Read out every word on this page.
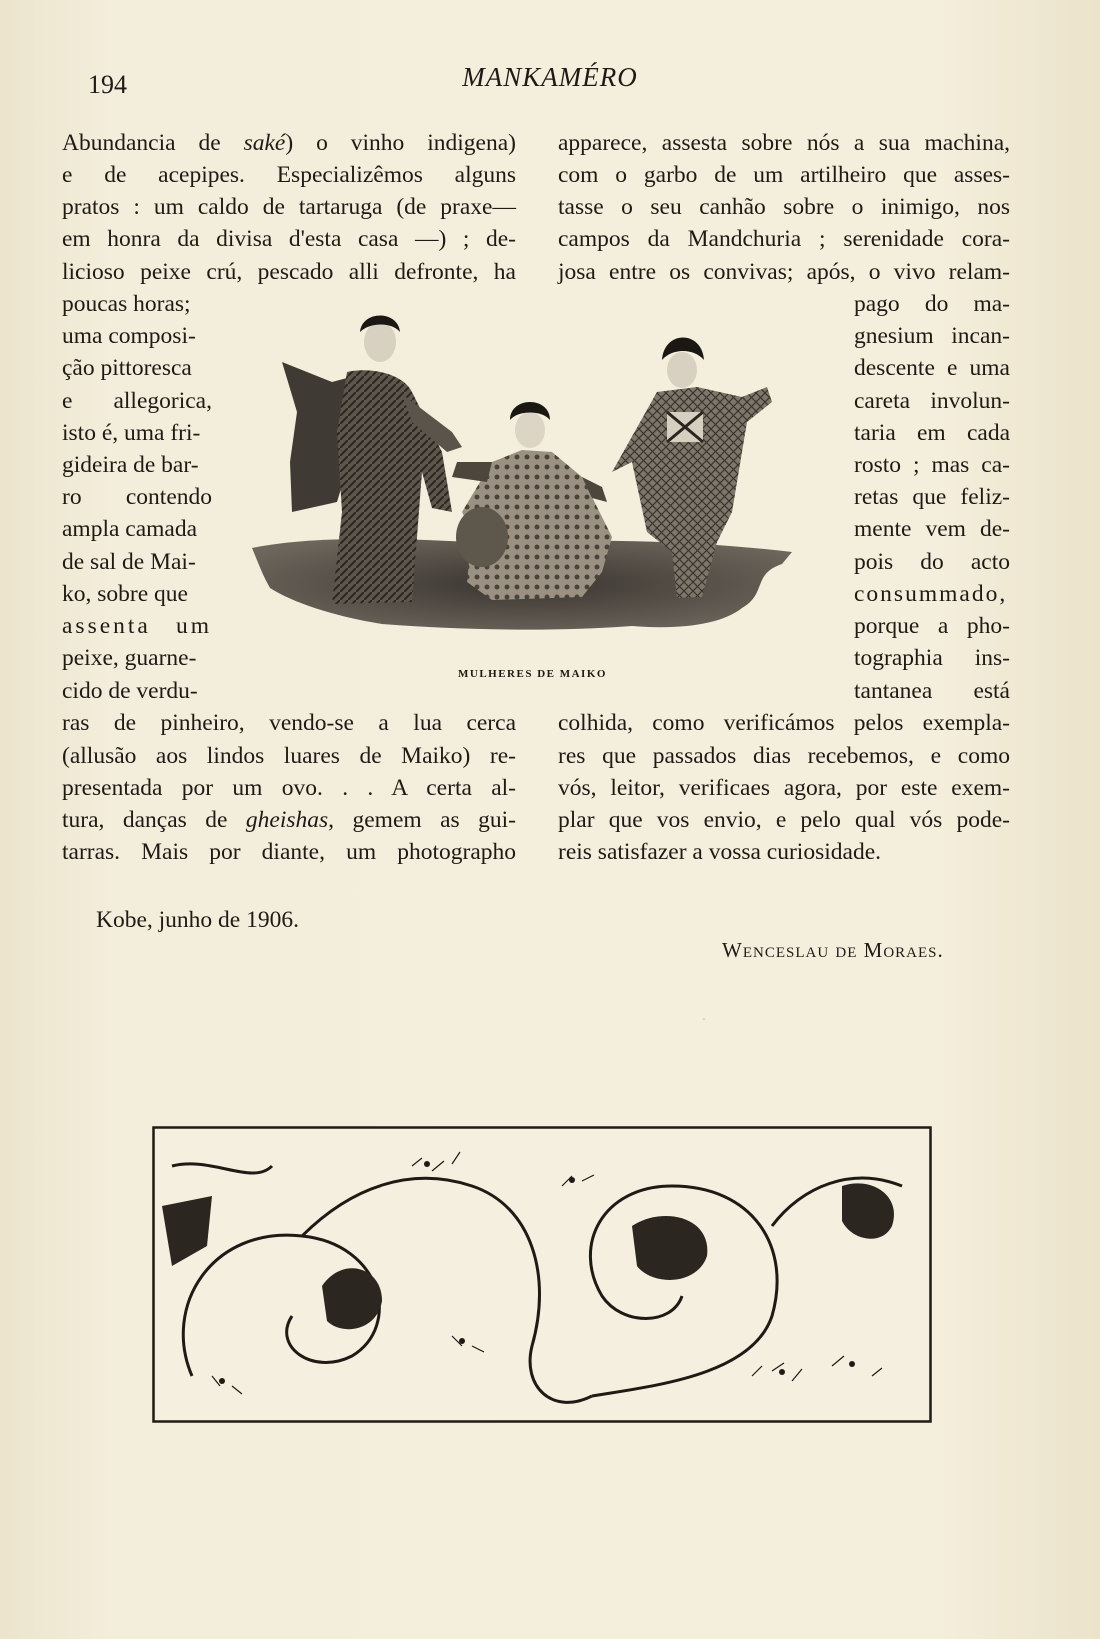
194	MANKAMÉRO
·
Abundancia de saké) o vinho indigena)
e de acepipes. Especializêmos alguns
pratos : um caldo de tartaruga (de praxe—
em honra da divisa d'esta casa —) ; de-
licioso peixe crú, pescado alli defronte, ha
poucas horas;
uma composi-
ção pittoresca
e allegorica,
isto é, uma fri-
gideira de bar-
ro contendo
ampla camada
de sal de Mai-
ko, sobre que
assenta um
peixe, guarne-
cido de verdu-
ras de pinheiro, vendo-se a lua cerca
(allusão aos lindos luares de Maiko) re-
presentada por um ovo. . . A certa al-
tura, danças de gheishas, gemem as gui-
tarras. Mais por diante, um photographo
apparece, assesta sobre nós a sua machina,
com o garbo de um artilheiro que asses-
tasse o seu canhão sobre o inimigo, nos
campos da Mandchuria ; serenidade cora-
josa entre os convivas; após, o vivo relam-
pago do ma-
gnesium incan-
descente e uma
careta involun-
taria em cada
rosto ; mas ca-
retas que feliz-
mente vem de-
pois do acto
consummado,
porque a pho-
tographia ins-
tantanea está
colhida, como verificámos pelos exempla-
res que passados dias recebemos, e como
vós, leitor, verificaes agora, por este exem-
plar que vos envio, e pelo qual vós pode-
reis satisfazer a vossa curiosidade.
MULHERES DE MAIKO
Kobe, junho de 1906.
Wenceslau de Moraes.
